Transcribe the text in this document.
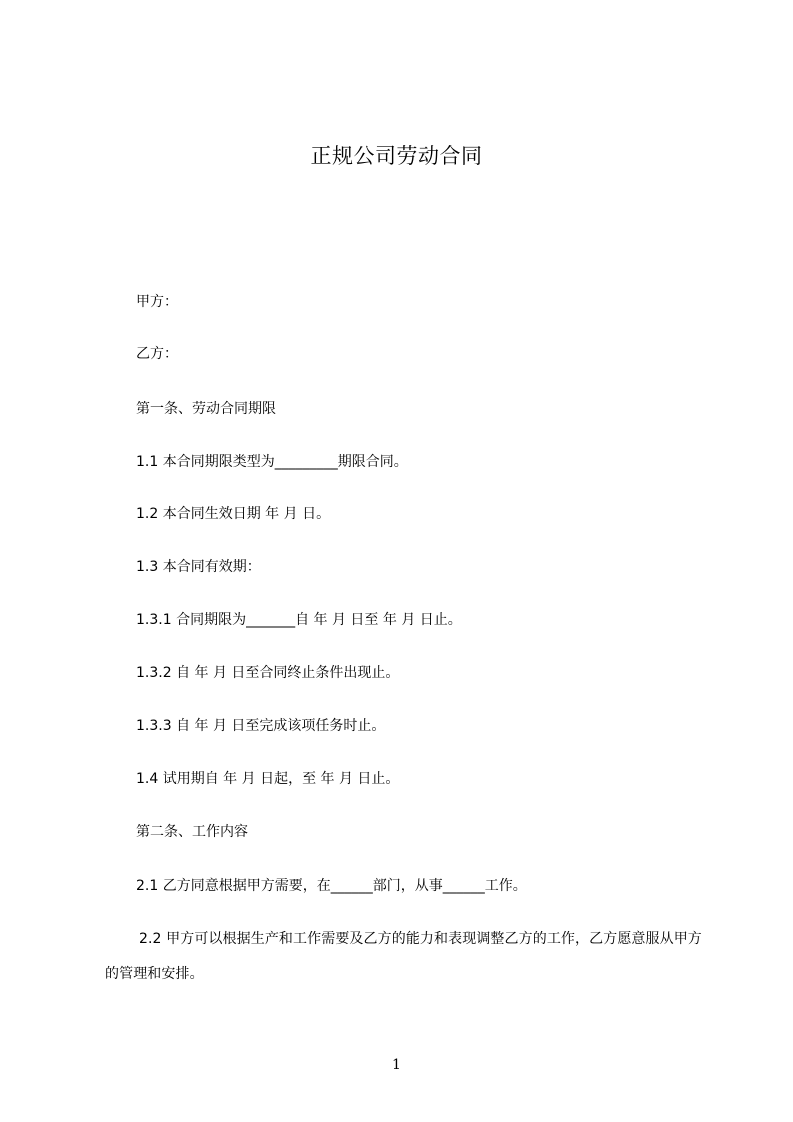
正规公司劳动合同
甲方：
乙方：
第一条、劳动合同期限
1.1 本合同期限类型为_________期限合同。
1.2 本合同生效日期 年 月 日。
1.3 本合同有效期：
1.3.1 合同期限为_______自 年 月 日至 年 月 日止。
1.3.2 自 年 月 日至合同终止条件出现止。
1.3.3 自 年 月 日至完成该项任务时止。
1.4 试用期自 年 月 日起，至 年 月 日止。
第二条、工作内容
2.1 乙方同意根据甲方需要，在______部门，从事______工作。
2.2 甲方可以根据生产和工作需要及乙方的能力和表现调整乙方的工作，乙方愿意服从甲方的管理和安排。
1
